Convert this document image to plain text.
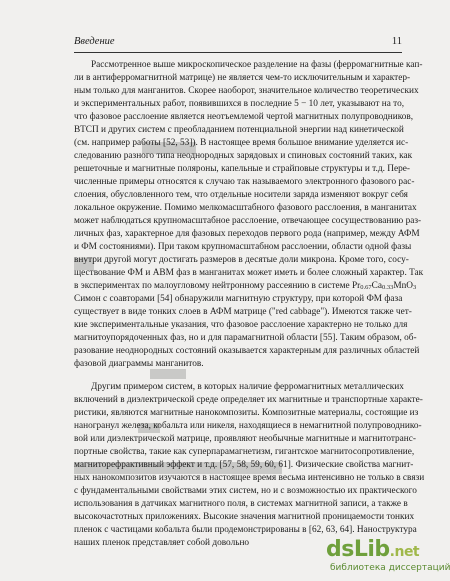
Введение	11
Рассмотренное выше микроскопическое разделение на фазы (ферромагнитные кап-
ли в антиферромагнитной матрице) не является чем-то исключительным и характер-
ным только для манганитов. Скорее наоборот, значительное количество теоретических
и экспериментальных работ, появившихся в последние 5 − 10 лет, указывают на то,
что фазовое расслоение является неотъемлемой чертой магнитных полупроводников,
ВТСП и других систем с преобладанием потенциальной энергии над кинетической
(см. например работы [52, 53]). В настоящее время большое внимание уделяется ис-
следованию разного типа неоднородных зарядовых и спиновых состояний таких, как
решеточные и магнитные поляроны, капельные и страйповые структуры и т.д. Пере-
численные примеры относятся к случаю так называемого электронного фазового рас-
слоения, обусловленного тем, что отдельные носители заряда изменяют вокруг себя
локальное окружение. Помимо мелкомасштабного фазового расслоения, в манганитах
может наблюдаться крупномасштабное расслоение, отвечающее сосуществованию раз-
личных фаз, характерное для фазовых переходов первого рода (например, между АФМ
и ФМ состояниями). При таком крупномасштабном расслоении, области одной фазы
внутри другой могут достигать размеров в десятые доли микрона. Кроме того, сосу-
ществование ФМ и АВМ фаз в манганитах может иметь и более сложный характер. Так
в экспериментах по малоугловому нейтронному рассеянию в системе Pr0.67Ca0.33MnO3
Симон с соавторами [54] обнаружили магнитную структуру, при которой ФМ фаза
существует в виде тонких слоев в АФМ матрице ("red cabbage"). Имеются также чет-
кие экспериментальные указания, что фазовое расслоение характерно не только для
магнитоупорядоченных фаз, но и для парамагнитной области [55]. Таким образом, об-
разование неоднородных состояний оказывается характерным для различных областей
фазовой диаграммы манганитов.
Другим примером систем, в которых наличие ферромагнитных металлических
включений в диэлектрической среде определяет их магнитные и транспортные характе-
ристики, являются магнитные нанокомпозиты. Композитные материалы, состоящие из
наногранул железа, кобальта или никеля, находящиеся в немагнитной полупроводнико-
вой или диэлектрической матрице, проявляют необычные магнитные и магнитотранс-
портные свойства, такие как суперпарамагнетизм, гигантское магнитосопротивление,
магниторефрактивный эффект и т.д. [57, 58, 59, 60, 61]. Физические свойства магнит-
ных нанокомпозитов изучаются в настоящее время весьма интенсивно не только в связи
с фундаментальными свойствами этих систем, но и с возможностью их практического
использования в датчиках магнитного поля, в системах магнитной записи, а также в
высокочастотных приложениях. Высокие значения магнитной проницаемости тонких
пленок с частицами кобальта были продемонстрированы в [62, 63, 64]. Наноструктура
наших пленок представляет собой довольно	dsLib.net
библиотека диссертаций
